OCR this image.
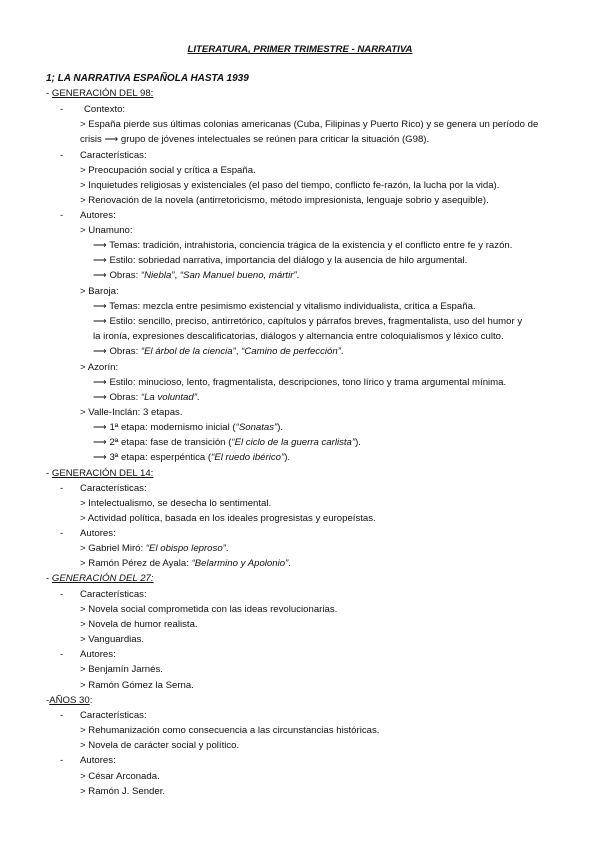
LITERATURA, PRIMER TRIMESTRE - NARRATIVA
1; LA NARRATIVA ESPAÑOLA HASTA 1939
- GENERACIÓN DEL 98:
- Contexto:
> España pierde sus últimas colonias americanas (Cuba, Filipinas y Puerto Rico) y se genera un período de
crisis ⟶ grupo de jóvenes intelectuales se reúnen para criticar la situación (G98).
- Características:
> Preocupación social y crítica a España.
> Inquietudes religiosas y existenciales (el paso del tiempo, conflicto fe-razón, la lucha por la vida).
> Renovación de la novela (antirretoricismo, método impresionista, lenguaje sobrio y asequible).
- Autores:
> Unamuno:
⟶ Temas: tradición, intrahistoria, conciencia trágica de la existencia y el conflicto entre fe y razón.
⟶ Estilo: sobriedad narrativa, importancia del diálogo y la ausencia de hilo argumental.
⟶ Obras: “Niebla”, “San Manuel bueno, mártir”.
> Baroja:
⟶ Temas: mezcla entre pesimismo existencial y vitalismo individualista, crítica a España.
⟶ Estilo: sencillo, preciso, antirretórico, capítulos y párrafos breves, fragmentalista, uso del humor y
la ironía, expresiones descalificatorias, diálogos y alternancia entre coloquialismos y léxico culto.
⟶ Obras: “El árbol de la ciencia”, “Camino de perfección”.
> Azorín:
⟶ Estilo: minucioso, lento, fragmentalista, descripciones, tono lírico y trama argumental mínima.
⟶ Obras: “La voluntad”.
> Valle-Inclán: 3 etapas.
⟶ 1ª etapa: modernismo inicial (“Sonatas”).
⟶ 2ª etapa: fase de transición (“El ciclo de la guerra carlista”).
⟶ 3ª etapa: esperpéntica (“El ruedo ibérico”).
- GENERACIÓN DEL 14:
- Características:
> Intelectualismo, se desecha lo sentimental.
> Actividad política, basada en los ideales progresistas y europeístas.
- Autores:
> Gabriel Miró: “El obispo leproso”.
> Ramón Pérez de Ayala: “Belarmino y Apolonio”.
- GENERACIÓN DEL 27:
- Características:
> Novela social comprometida con las ideas revolucionarias.
> Novela de humor realista.
> Vanguardias.
- Autores:
> Benjamín Jarnés.
> Ramón Gómez la Serna.
-AÑOS 30:
- Características:
> Rehumanización como consecuencia a las circunstancias históricas.
> Novela de carácter social y político.
- Autores:
> César Arconada.
> Ramón J. Sender.
